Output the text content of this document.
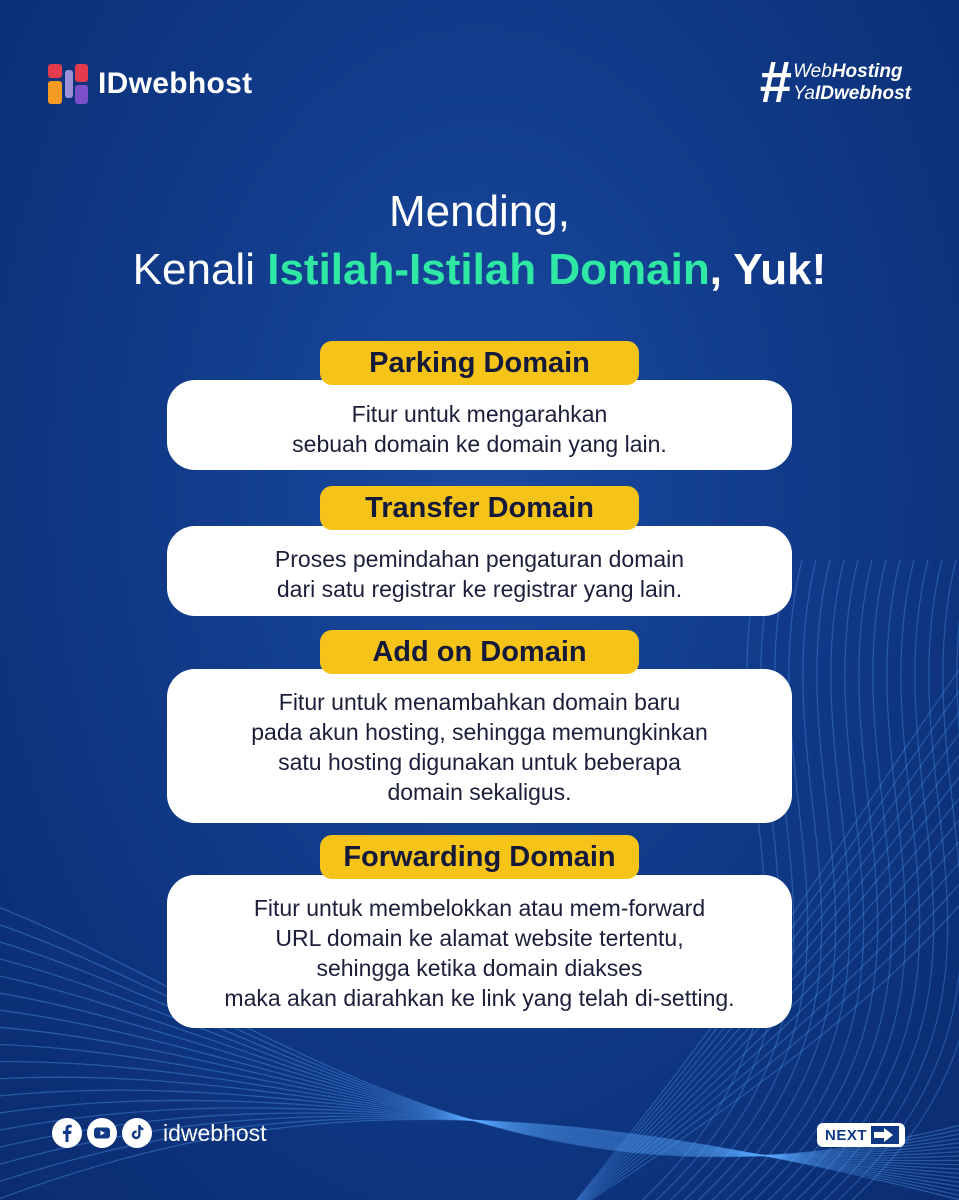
IDwebhost	# WebHosting
YaIDwebhost
Mending,
Kenali Istilah-Istilah Domain, Yuk!
Parking Domain
Fitur untuk mengarahkan
sebuah domain ke domain yang lain.
Transfer Domain
Proses pemindahan pengaturan domain
dari satu registrar ke registrar yang lain.
Add on Domain
Fitur untuk menambahkan domain baru
pada akun hosting, sehingga memungkinkan
satu hosting digunakan untuk beberapa
domain sekaligus.
Forwarding Domain
Fitur untuk membelokkan atau mem-forward
URL domain ke alamat website tertentu,
sehingga ketika domain diakses
maka akan diarahkan ke link yang telah di-setting.
idwebhost	NEXT
